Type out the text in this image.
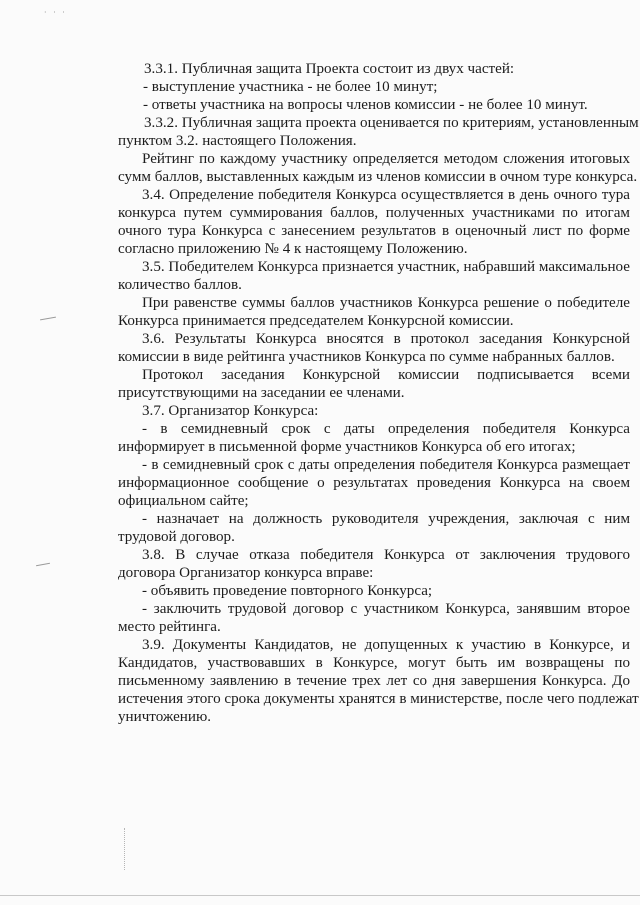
· · ·
3.3.1. Публичная защита Проекта состоит из двух частей:
- выступление участника - не более 10 минут;
- ответы участника на вопросы членов комиссии - не более 10 минут.
3.3.2. Публичная защита проекта оценивается по критериям, установленным
пунктом 3.2. настоящего Положения.
Рейтинг по каждому участнику определяется методом сложения итоговых
сумм баллов, выставленных каждым из членов комиссии в очном туре конкурса.
3.4. Определение победителя Конкурса осуществляется в день очного тура
конкурса путем суммирования баллов, полученных участниками по итогам
очного тура Конкурса с занесением результатов в оценочный лист по форме
согласно приложению № 4 к настоящему Положению.
3.5. Победителем Конкурса признается участник, набравший максимальное
количество баллов.
При равенстве суммы баллов участников Конкурса решение о победителе
Конкурса принимается председателем Конкурсной комиссии.
3.6. Результаты Конкурса вносятся в протокол заседания Конкурсной
комиссии в виде рейтинга участников Конкурса по сумме набранных баллов.
Протокол заседания Конкурсной комиссии подписывается всеми
присутствующими на заседании ее членами.
3.7. Организатор Конкурса:
- в семидневный срок с даты определения победителя Конкурса
информирует в письменной форме участников Конкурса об его итогах;
- в семидневный срок с даты определения победителя Конкурса размещает
информационное сообщение о результатах проведения Конкурса на своем
официальном сайте;
- назначает на должность руководителя учреждения, заключая с ним
трудовой договор.
3.8. В случае отказа победителя Конкурса от заключения трудового
договора Организатор конкурса вправе:
- объявить проведение повторного Конкурса;
- заключить трудовой договор с участником Конкурса, занявшим второе
место рейтинга.
3.9. Документы Кандидатов, не допущенных к участию в Конкурсе, и
Кандидатов, участвовавших в Конкурсе, могут быть им возвращены по
письменному заявлению в течение трех лет со дня завершения Конкурса. До
истечения этого срока документы хранятся в министерстве, после чего подлежат
уничтожению.
